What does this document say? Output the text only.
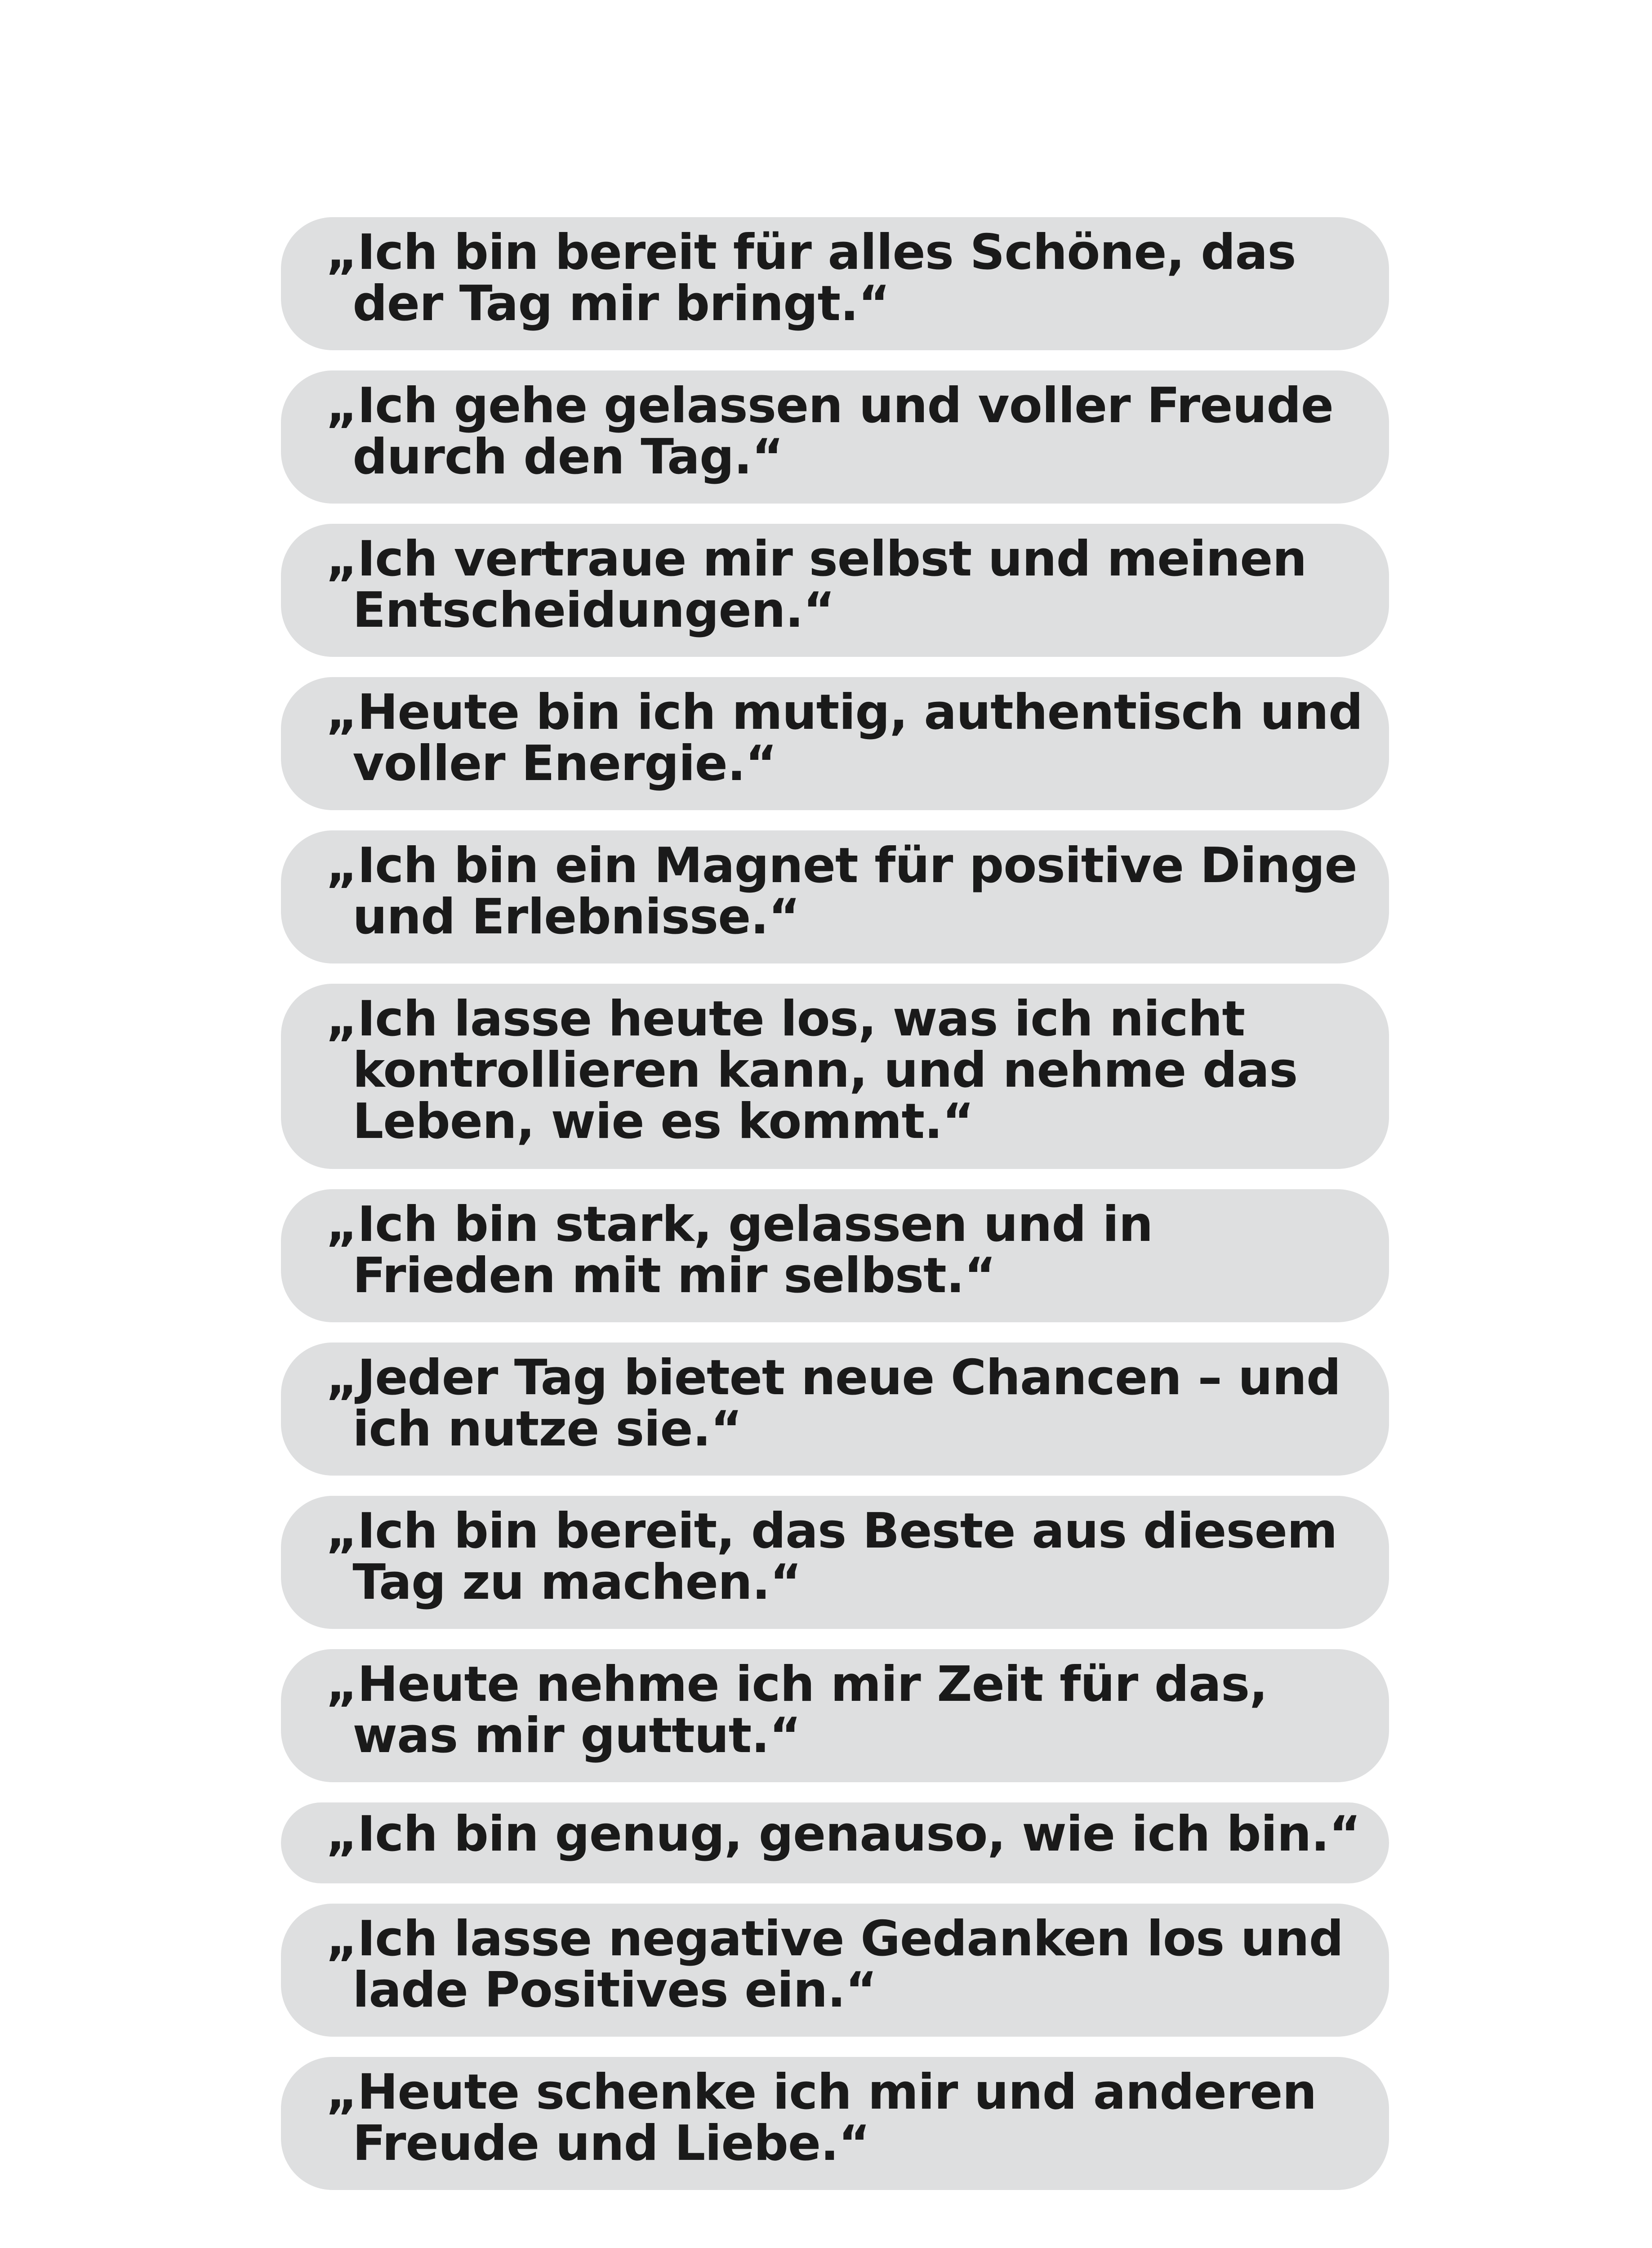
„Ich bin bereit für alles Schöne, das der Tag mir bringt.“
„Ich gehe gelassen und voller Freude durch den Tag.“
„Ich vertraue mir selbst und meinen Entscheidungen.“
„Heute bin ich mutig, authentisch und voller Energie.“
„Ich bin ein Magnet für positive Dinge und Erlebnisse.“
„Ich lasse heute los, was ich nicht kontrollieren kann, und nehme das Leben, wie es kommt.“
„Ich bin stark, gelassen und in Frieden mit mir selbst.“
„Jeder Tag bietet neue Chancen – und ich nutze sie.“
„Ich bin bereit, das Beste aus diesem Tag zu machen.“
„Heute nehme ich mir Zeit für das, was mir guttut.“
„Ich bin genug, genauso, wie ich bin.“
„Ich lasse negative Gedanken los und lade Positives ein.“
„Heute schenke ich mir und anderen Freude und Liebe.“
